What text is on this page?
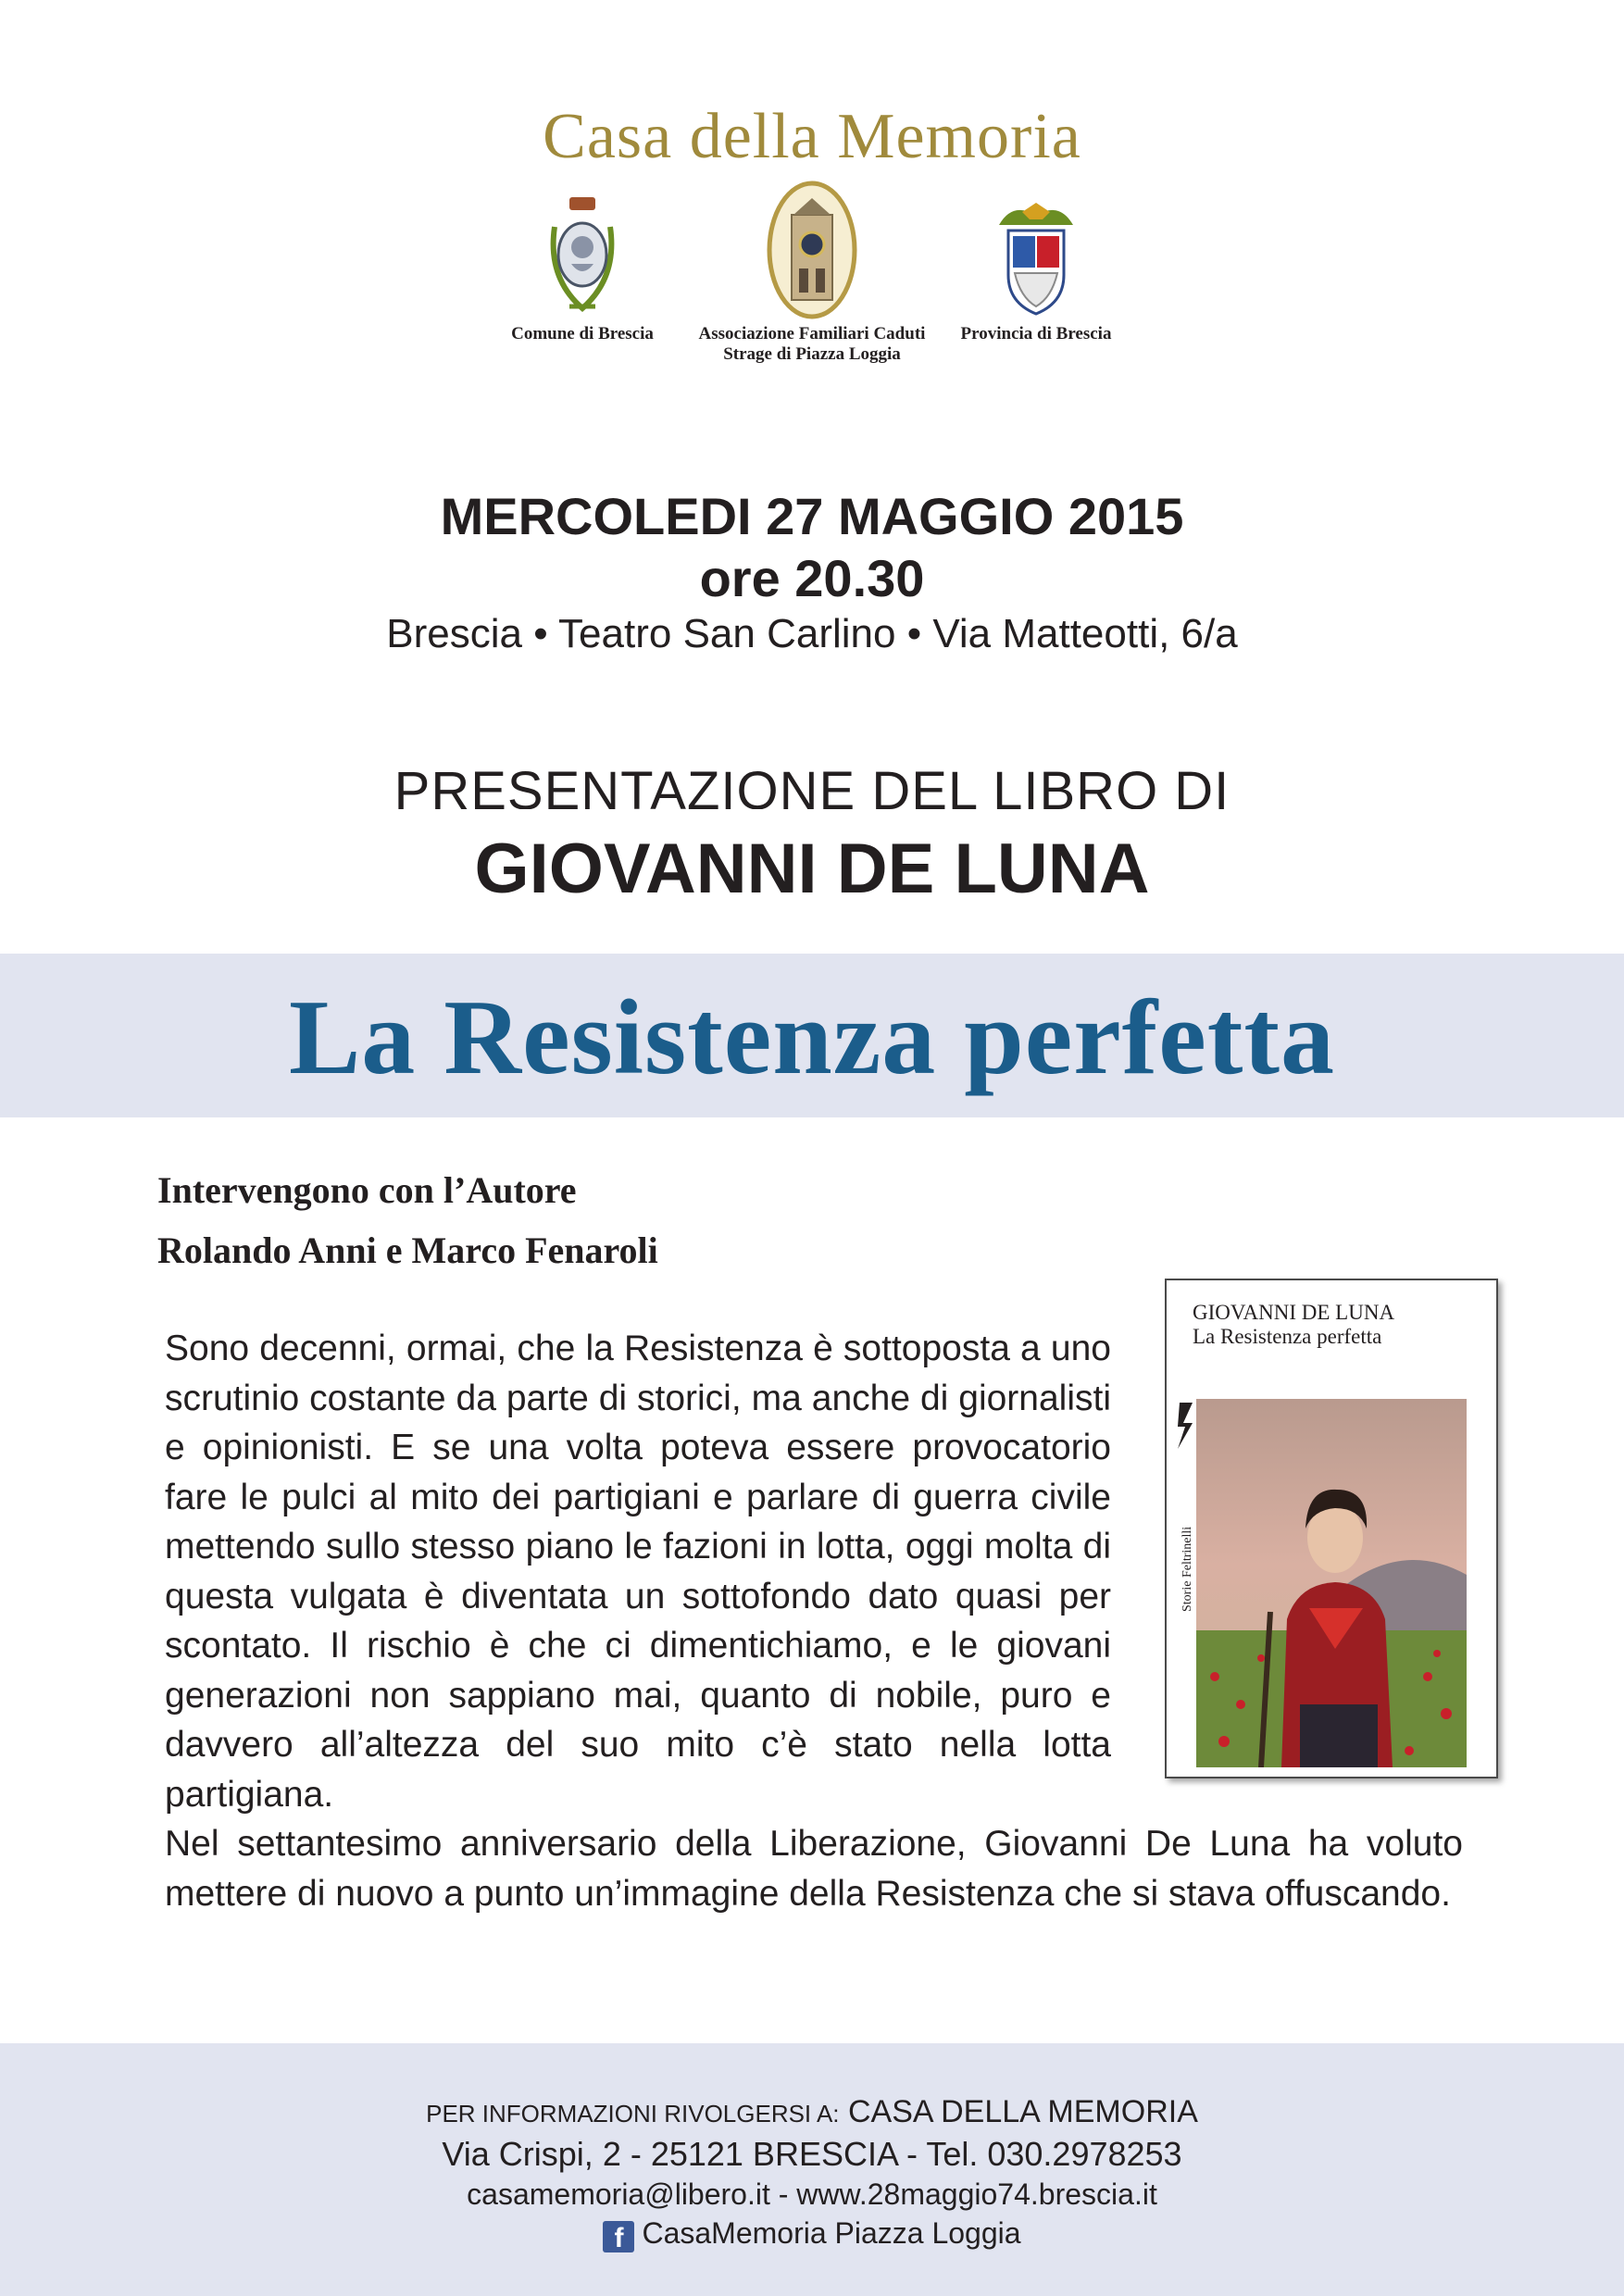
Casa della Memoria
Comune di Brescia	Associazione Familiari Caduti
Strage di Piazza Loggia
Provincia di Brescia
MERCOLEDI 27 MAGGIO 2015
ore 20.30
Brescia • Teatro San Carlino • Via Matteotti, 6/a
PRESENTAZIONE DEL LIBRO DI
GIOVANNI DE LUNA
La Resistenza perfetta
Intervengono con l’Autore
Rolando Anni e Marco Fenaroli
Sono decenni, ormai, che la Resistenza è sottoposta a uno scrutinio costante da parte di storici, ma anche di giornalisti e opinionisti. E se una volta poteva essere provocatorio fare le pulci al mito dei partigiani e parlare di guerra civile mettendo sullo stesso piano le fazioni in lotta, oggi molta di questa vulgata è diventata un sottofondo dato quasi per scontato. Il rischio è che ci dimentichiamo, e le giovani generazioni non sappiano mai, quanto di nobile, puro e davvero all’altezza del suo mito c’è stato nella lotta partigiana.
Nel settantesimo anniversario della Liberazione, Giovanni De Luna ha voluto mettere di nuovo a punto un’immagine della Resistenza che si stava offuscando.
GIOVANNI DE LUNA
La Resistenza perfetta
Storie Feltrinelli
PER INFORMAZIONI RIVOLGERSI A: CASA DELLA MEMORIA
Via Crispi, 2 - 25121 BRESCIA - Tel. 030.2978253
casamemoria@libero.it - www.28maggio74.brescia.it
f CasaMemoria Piazza Loggia
